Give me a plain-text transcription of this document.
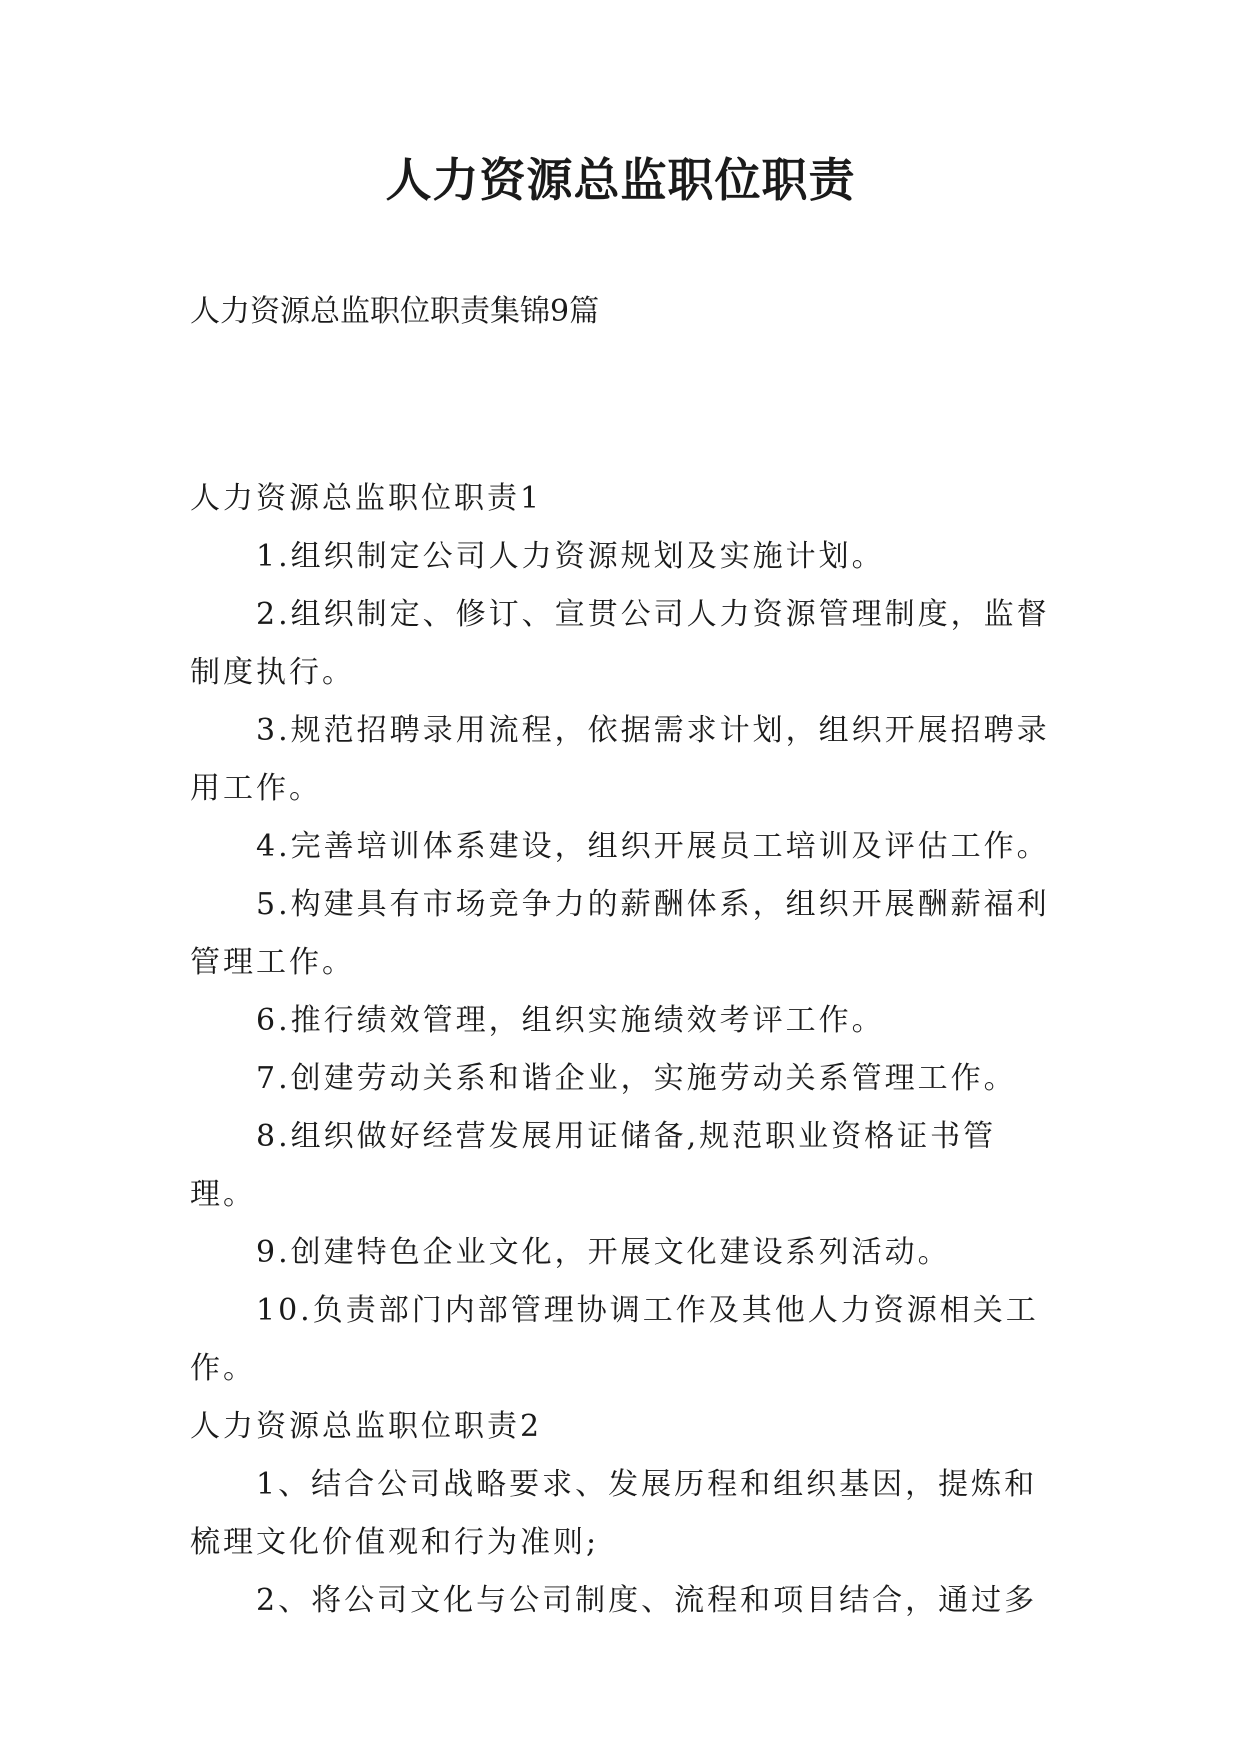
人力资源总监职位职责

人力资源总监职位职责集锦9篇

人力资源总监职位职责1

1.组织制定公司人力资源规划及实施计划。

2.组织制定、修订、宣贯公司人力资源管理制度，监督制度执行。

3.规范招聘录用流程，依据需求计划，组织开展招聘录用工作。

4.完善培训体系建设，组织开展员工培训及评估工作。

5.构建具有市场竞争力的薪酬体系，组织开展酬薪福利管理工作。

6.推行绩效管理，组织实施绩效考评工作。

7.创建劳动关系和谐企业，实施劳动关系管理工作。

8.组织做好经营发展用证储备,规范职业资格证书管理。

9.创建特色企业文化，开展文化建设系列活动。

10.负责部门内部管理协调工作及其他人力资源相关工作。

人力资源总监职位职责2

1、结合公司战略要求、发展历程和组织基因，提炼和梳理文化价值观和行为准则;

2、将公司文化与公司制度、流程和项目结合，通过多
